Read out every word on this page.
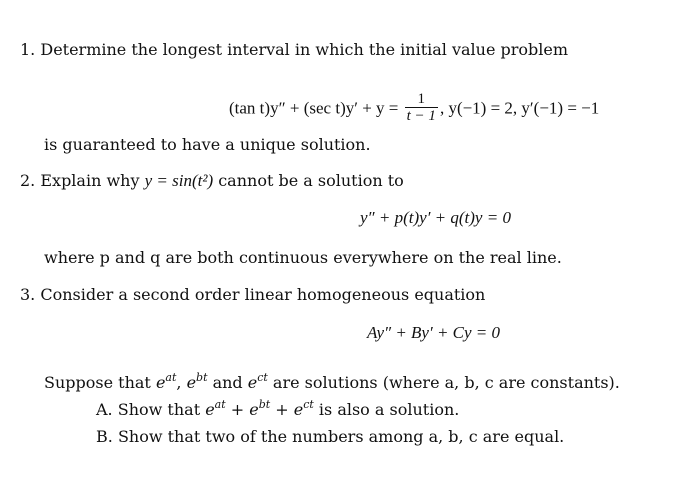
1. Determine the longest interval in which the initial value problem
(tan t)y″ + (sec $t)y' + y = \frac{1}{t - 1}$ , y(−1) = 2, y′(−1) = −1
is guaranteed to have a unique solution.
2. Explain why y = sin(t²) cannot be a solution to
y″ + p(t)y′ + q(t)y = 0
where p and q are both continuous everywhere on the real line.
3. Consider a second order linear homogeneous equation
Ay″ + By′ + Cy = 0
Suppose that $e^{at}$, $e^{bt}$ and $e^{ct}$ are solutions (where a, b, c are constants).
A. Show that $e^{at} + e^{bt} + e^{ct}$ is also a solution.
B. Show that two of the numbers among a, b, c are equal.
